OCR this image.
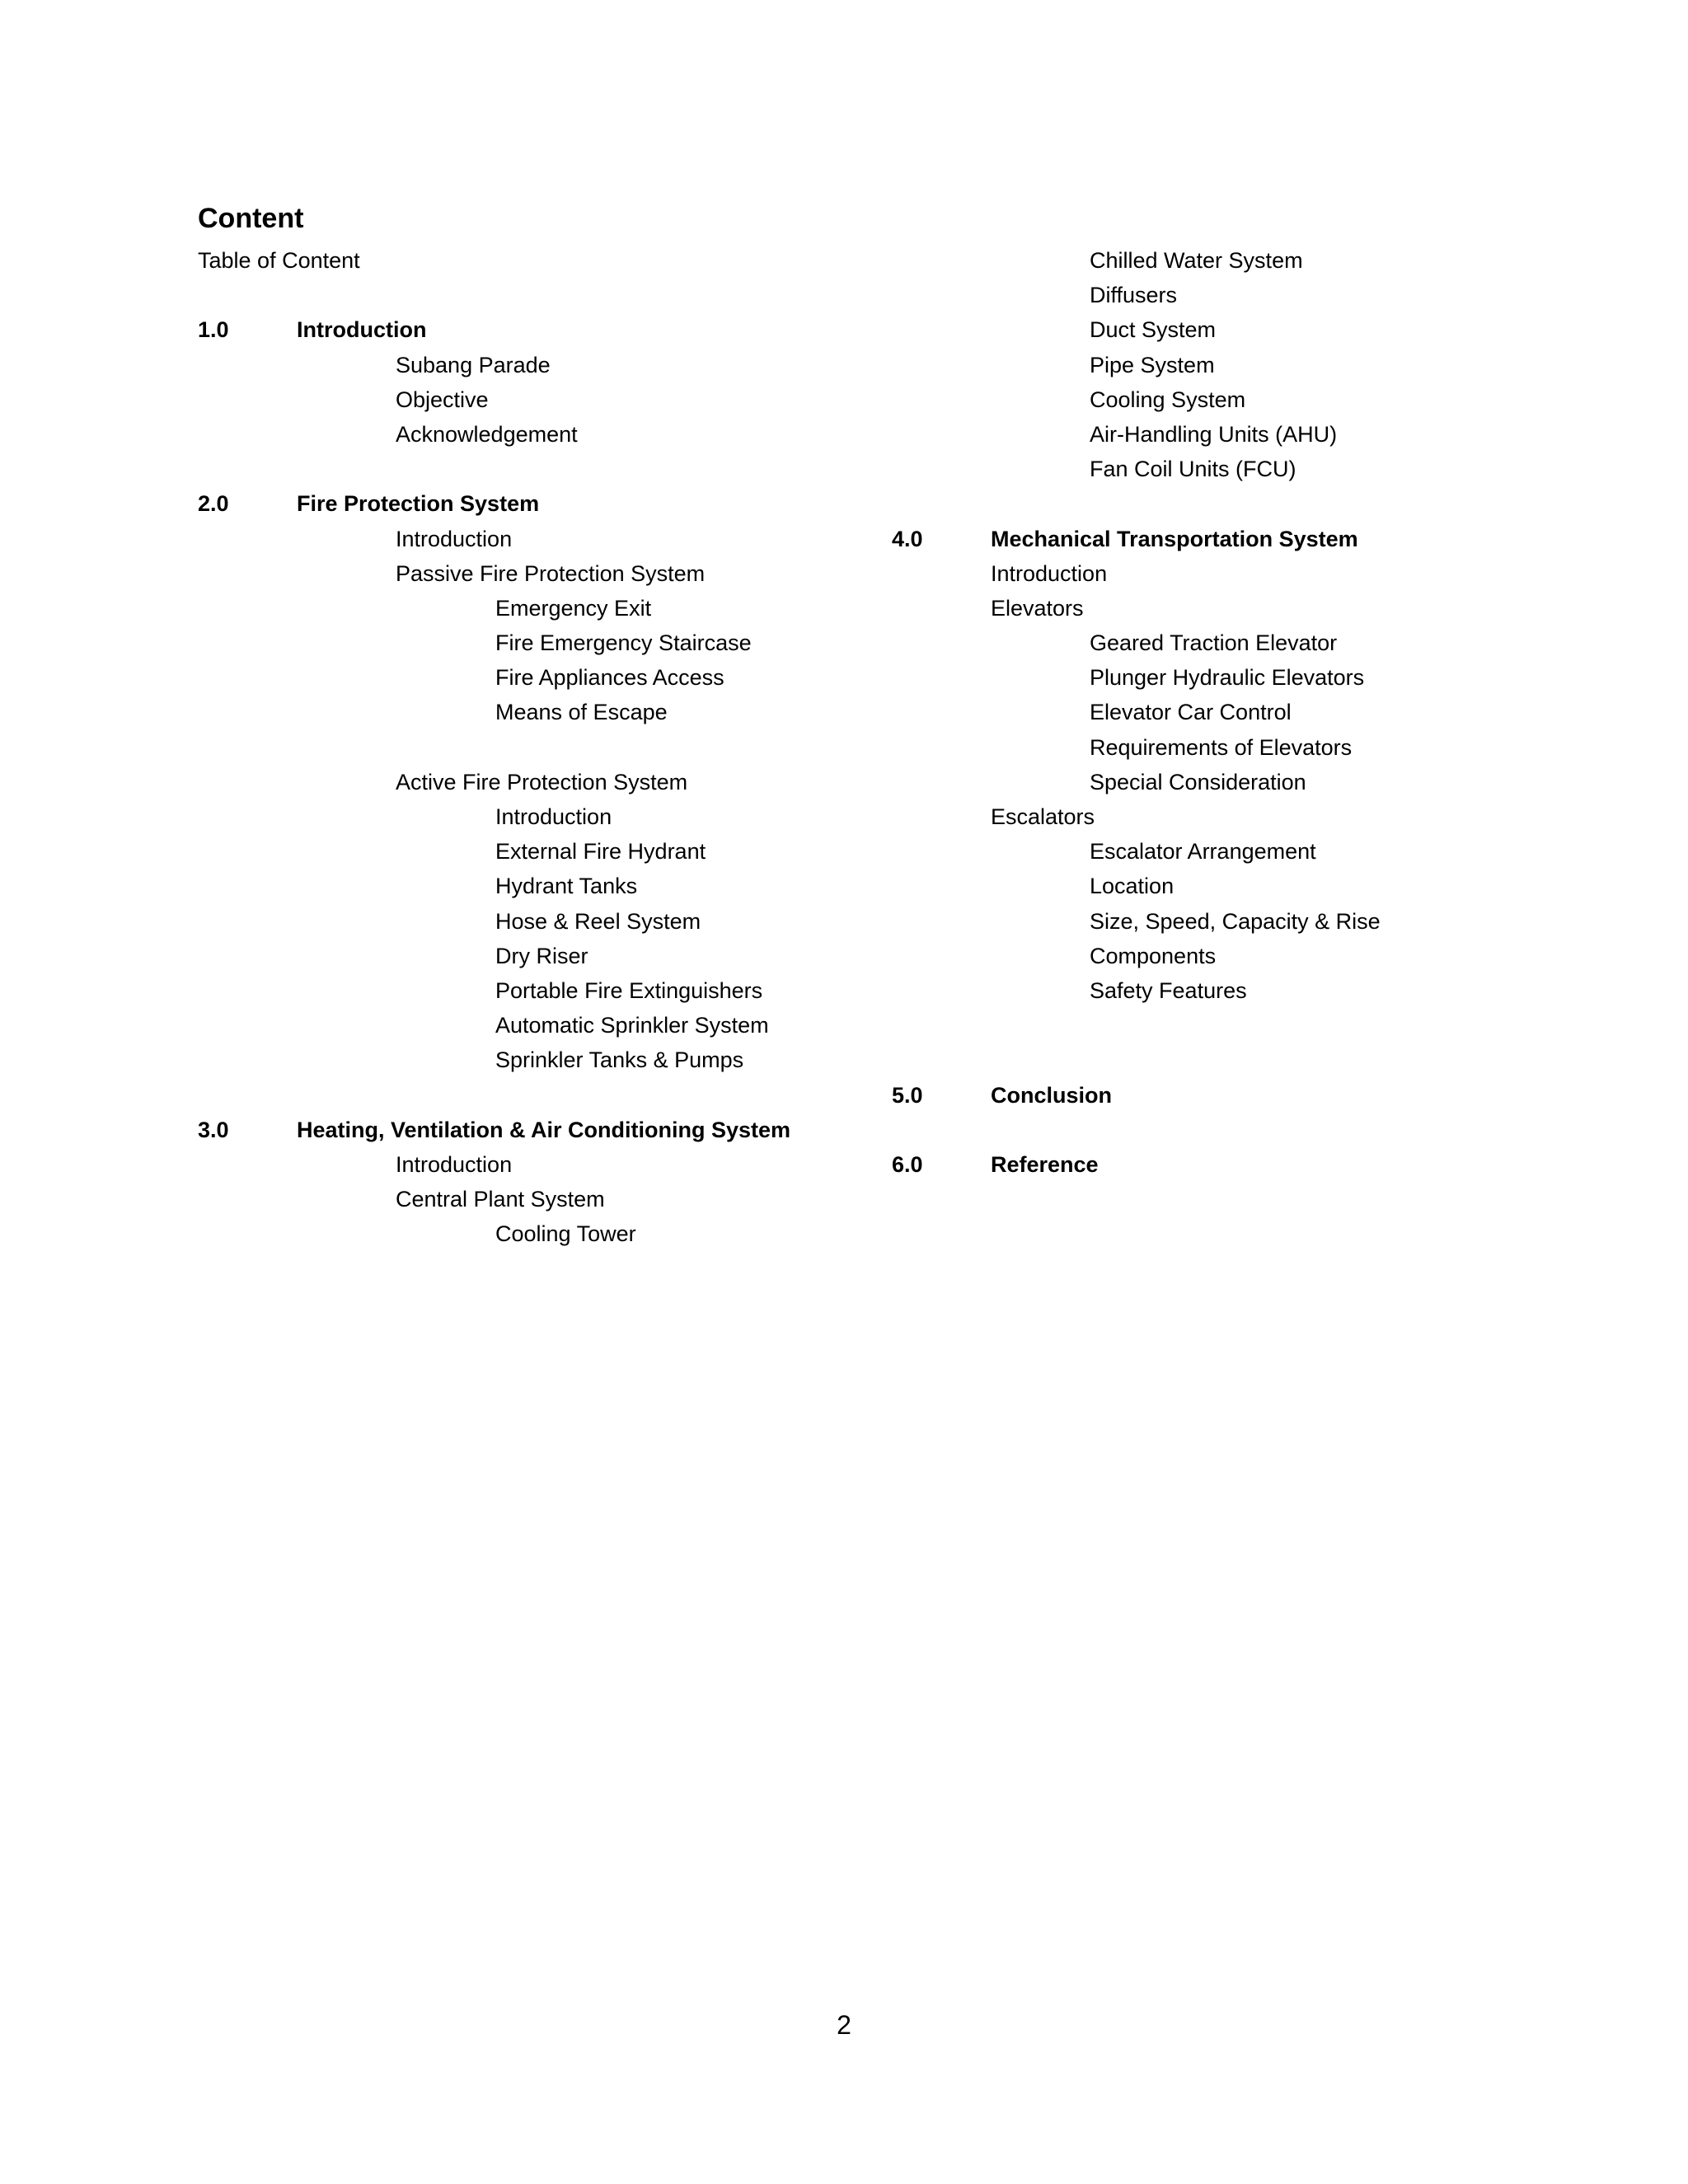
Content
Table of Content
1.0	Introduction
Subang Parade
Objective
Acknowledgement
2.0	Fire Protection System
Introduction
Passive Fire Protection System
Emergency Exit
Fire Emergency Staircase
Fire Appliances Access
Means of Escape
Active Fire Protection System
Introduction
External Fire Hydrant
Hydrant Tanks
Hose & Reel System
Dry Riser
Portable Fire Extinguishers
Automatic Sprinkler System
Sprinkler Tanks & Pumps
3.0	Heating, Ventilation & Air Conditioning System
Introduction
Central Plant System
Cooling Tower
Chilled Water System
Diffusers
Duct System
Pipe System
Cooling System
Air-Handling Units (AHU)
Fan Coil Units (FCU)
4.0	Mechanical Transportation System
Introduction
Elevators
Geared Traction Elevator
Plunger Hydraulic Elevators
Elevator Car Control
Requirements of Elevators
Special Consideration
Escalators
Escalator Arrangement
Location
Size, Speed, Capacity & Rise
Components
Safety Features
5.0	Conclusion
6.0	Reference
2
